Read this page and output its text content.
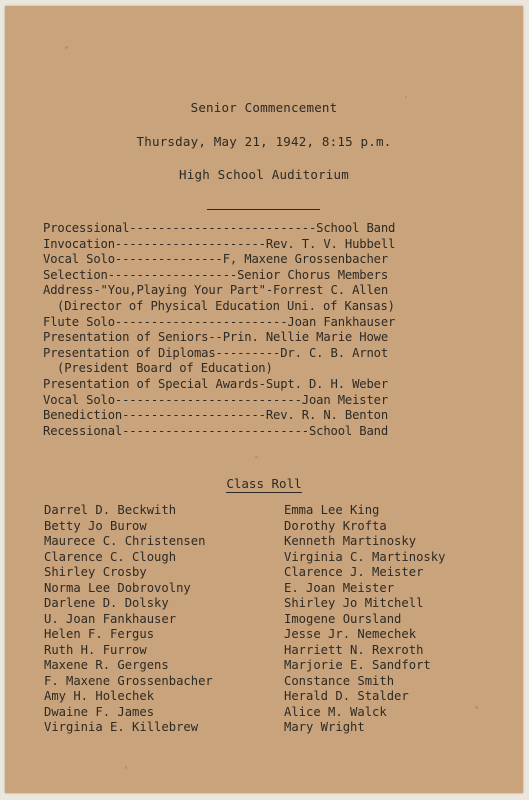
Senior Commencement
Thursday, May 21, 1942, 8:15 p.m.
High School Auditorium
Processional--------------------------School Band
Invocation---------------------Rev. T. V. Hubbell
Vocal Solo---------------F, Maxene Grossenbacher
Selection------------------Senior Chorus Members
Address-"You,Playing Your Part"-Forrest C. Allen
(Director of Physical Education Uni. of Kansas)
Flute Solo------------------------Joan Fankhauser
Presentation of Seniors--Prin. Nellie Marie Howe
Presentation of Diplomas---------Dr. C. B. Arnot
(President Board of Education)
Presentation of Special Awards-Supt. D. H. Weber
Vocal Solo--------------------------Joan Meister
Benediction--------------------Rev. R. N. Benton
Recessional--------------------------School Band
Class Roll
Darrel D. Beckwith
Betty Jo Burow
Maurece C. Christensen
Clarence C. Clough
Shirley Crosby
Norma Lee Dobrovolny
Darlene D. Dolsky
U. Joan Fankhauser
Helen F. Fergus
Ruth H. Furrow
Maxene R. Gergens
F. Maxene Grossenbacher
Amy H. Holechek
Dwaine F. James
Virginia E. Killebrew
Emma Lee King
Dorothy Krofta
Kenneth Martinosky
Virginia C. Martinosky
Clarence J. Meister
E. Joan Meister
Shirley Jo Mitchell
Imogene Oursland
Jesse Jr. Nemechek
Harriett N. Rexroth
Marjorie E. Sandfort
Constance Smith
Herald D. Stalder
Alice M. Walck
Mary Wright
